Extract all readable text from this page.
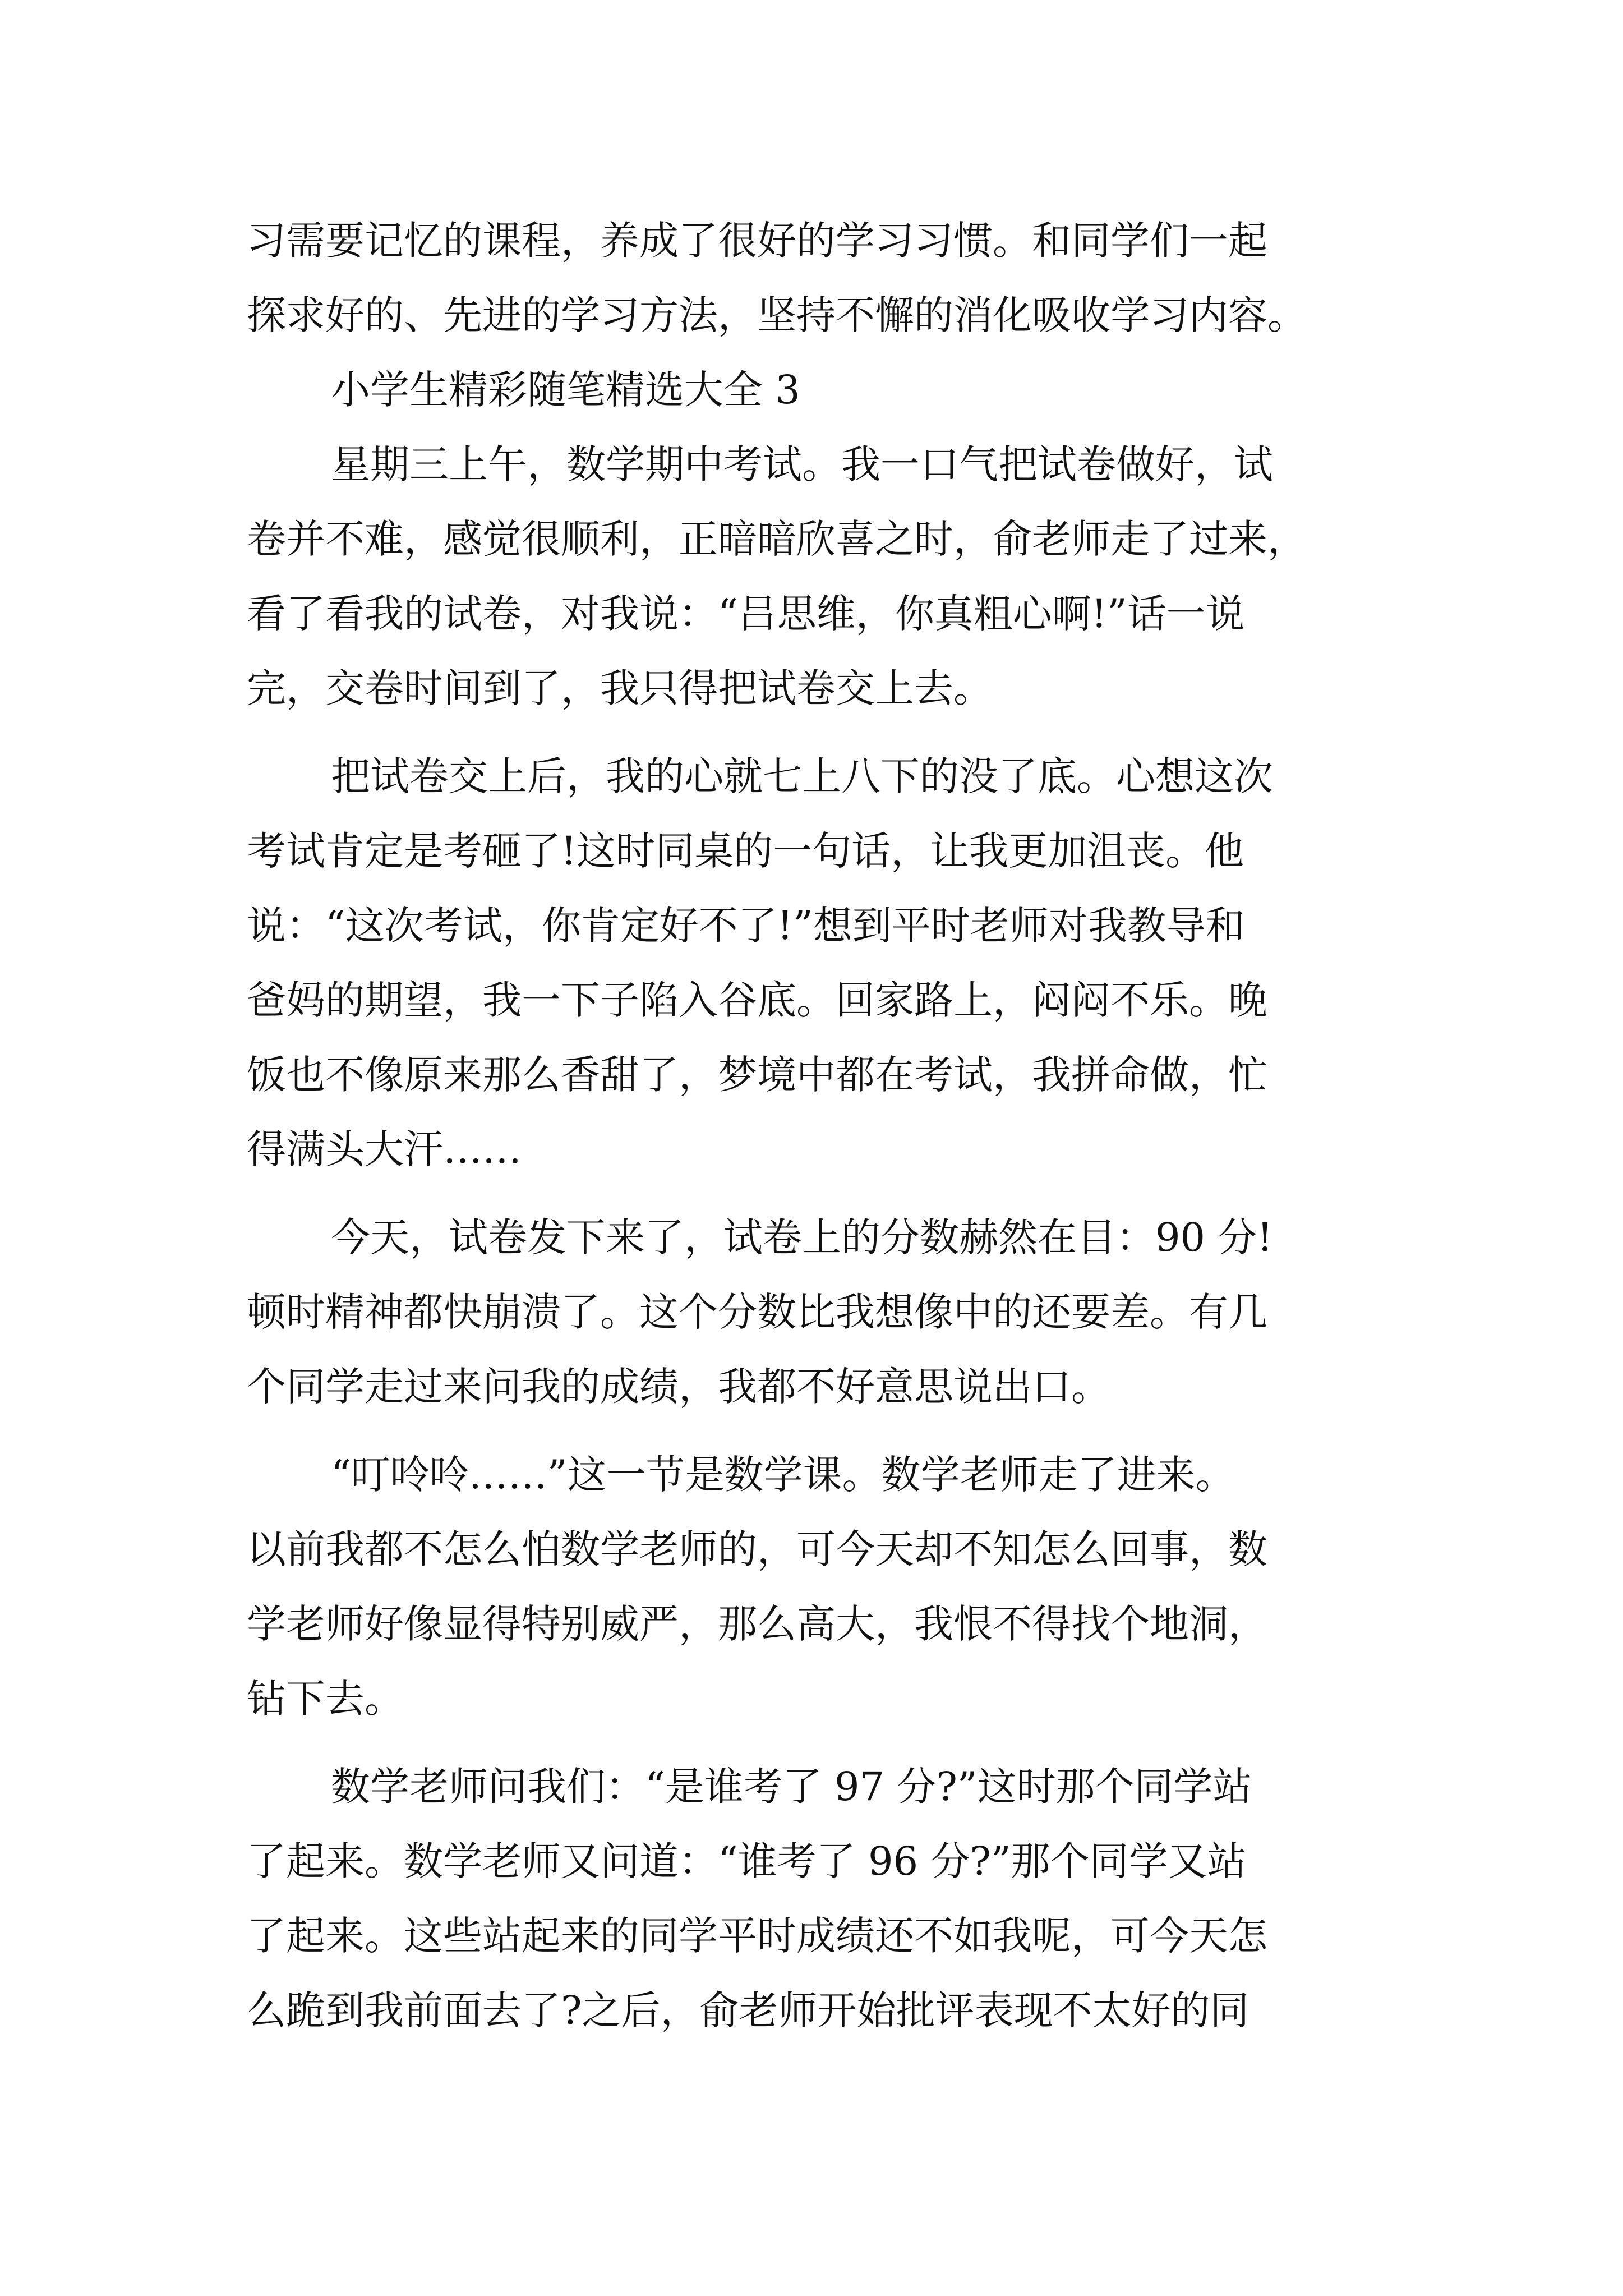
习需要记忆的课程，养成了很好的学习习惯。和同学们一起
探求好的、先进的学习方法，坚持不懈的消化吸收学习内容。
小学生精彩随笔精选大全 3
星期三上午，数学期中考试。我一口气把试卷做好，试
卷并不难，感觉很顺利，正暗暗欣喜之时，俞老师走了过来，
看了看我的试卷，对我说：“吕思维，你真粗心啊!”话一说
完，交卷时间到了，我只得把试卷交上去。
把试卷交上后，我的心就七上八下的没了底。心想这次
考试肯定是考砸了!这时同桌的一句话，让我更加沮丧。他
说：“这次考试，你肯定好不了!”想到平时老师对我教导和
爸妈的期望，我一下子陷入谷底。回家路上，闷闷不乐。晚
饭也不像原来那么香甜了，梦境中都在考试，我拼命做，忙
得满头大汗……
今天，试卷发下来了，试卷上的分数赫然在目：90 分!
顿时精神都快崩溃了。这个分数比我想像中的还要差。有几
个同学走过来问我的成绩，我都不好意思说出口。
“叮呤呤……”这一节是数学课。数学老师走了进来。
以前我都不怎么怕数学老师的，可今天却不知怎么回事，数
学老师好像显得特别威严，那么高大，我恨不得找个地洞，
钻下去。
数学老师问我们：“是谁考了 97 分?”这时那个同学站
了起来。数学老师又问道：“谁考了 96 分?”那个同学又站
了起来。这些站起来的同学平时成绩还不如我呢，可今天怎
么跪到我前面去了?之后，俞老师开始批评表现不太好的同
